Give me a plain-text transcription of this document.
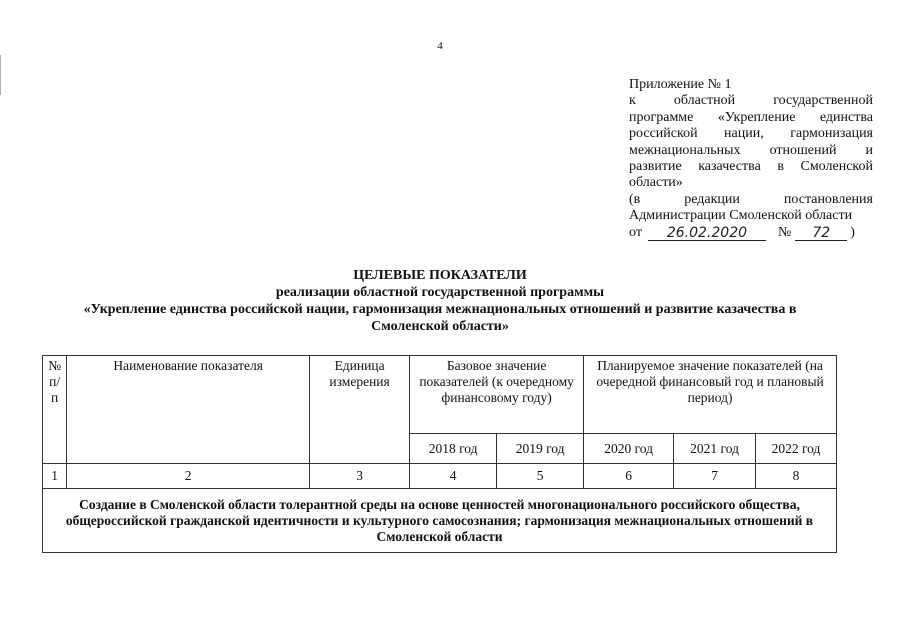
4
Приложение № 1
к областной государственной
программе «Укрепление единства
российской нации, гармонизация
межнациональных отношений и
развитие казачества в Смоленской
области»
(в редакции постановления
Администрации Смоленской области
от	26.02.2020	№	72	)
ЦЕЛЕВЫЕ ПОКАЗАТЕЛИ
реализации областной государственной программы
«Укрепление единства российской нации, гармонизация межнациональных отношений и развитие казачества в
Смоленской области»
№ п/п	Наименование показателя	Единица измерения	Базовое значение показателей (к очередному финансовому году)		Планируемое значение показателей (на очередной финансовый год и плановый период)		
			2018 год	2019 год	2020 год	2021 год	2022 год
1	2	3	4	5	6	7	8
Создание в Смоленской области толерантной среды на основе ценностей многонационального российского общества, общероссийской гражданской идентичности и культурного самосознания; гармонизация межнациональных отношений в Смоленской области							
